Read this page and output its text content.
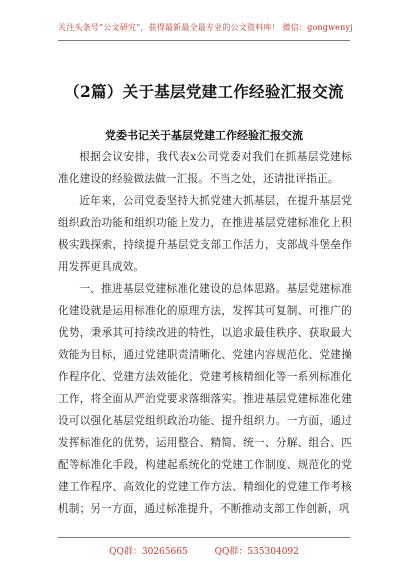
关注头条号“公文研究”，获得最新最全最专业的公文资料库！ 微信：gongwenyj
（2篇）关于基层党建工作经验汇报交流
党委书记关于基层党建工作经验汇报交流

根据会议安排，我代表x公司党委对我们在抓基层党建标准化建设的经验做法做一汇报。不当之处，还请批评指正。

近年来，公司党委坚持大抓党建大抓基层，在提升基层党组织政治功能和组织功能上发力，在推进基层党建标准化上积极实践探索，持续提升基层党支部工作活力，支部战斗堡垒作用发挥更具成效。

一、推进基层党建标准化建设的总体思路。基层党建标准化建设就是运用标准化的原理方法，发挥其可复制、可推广的优势，秉承其可持续改进的特性，以追求最佳秩序、获取最大效能为目标，通过党建职责清晰化、党建内容规范化、党建操作程序化、党建方法效能化、党建考核精细化等一系列标准化工作，将全面从严治党要求落细落实。推进基层党建标准化建设可以强化基层党组织政治功能、提升组织力。一方面，通过发挥标准化的优势，运用整合、精简、统一、分解、组合、匹配等标准化手段，构建起系统化的党建工作制度、规范化的党建工作程序、高效化的党建工作方法、精细化的党建工作考核机制；另一方面，通过标准提升，不断推动支部工作创新，巩

QQ群：30265665	QQ群：535304092
